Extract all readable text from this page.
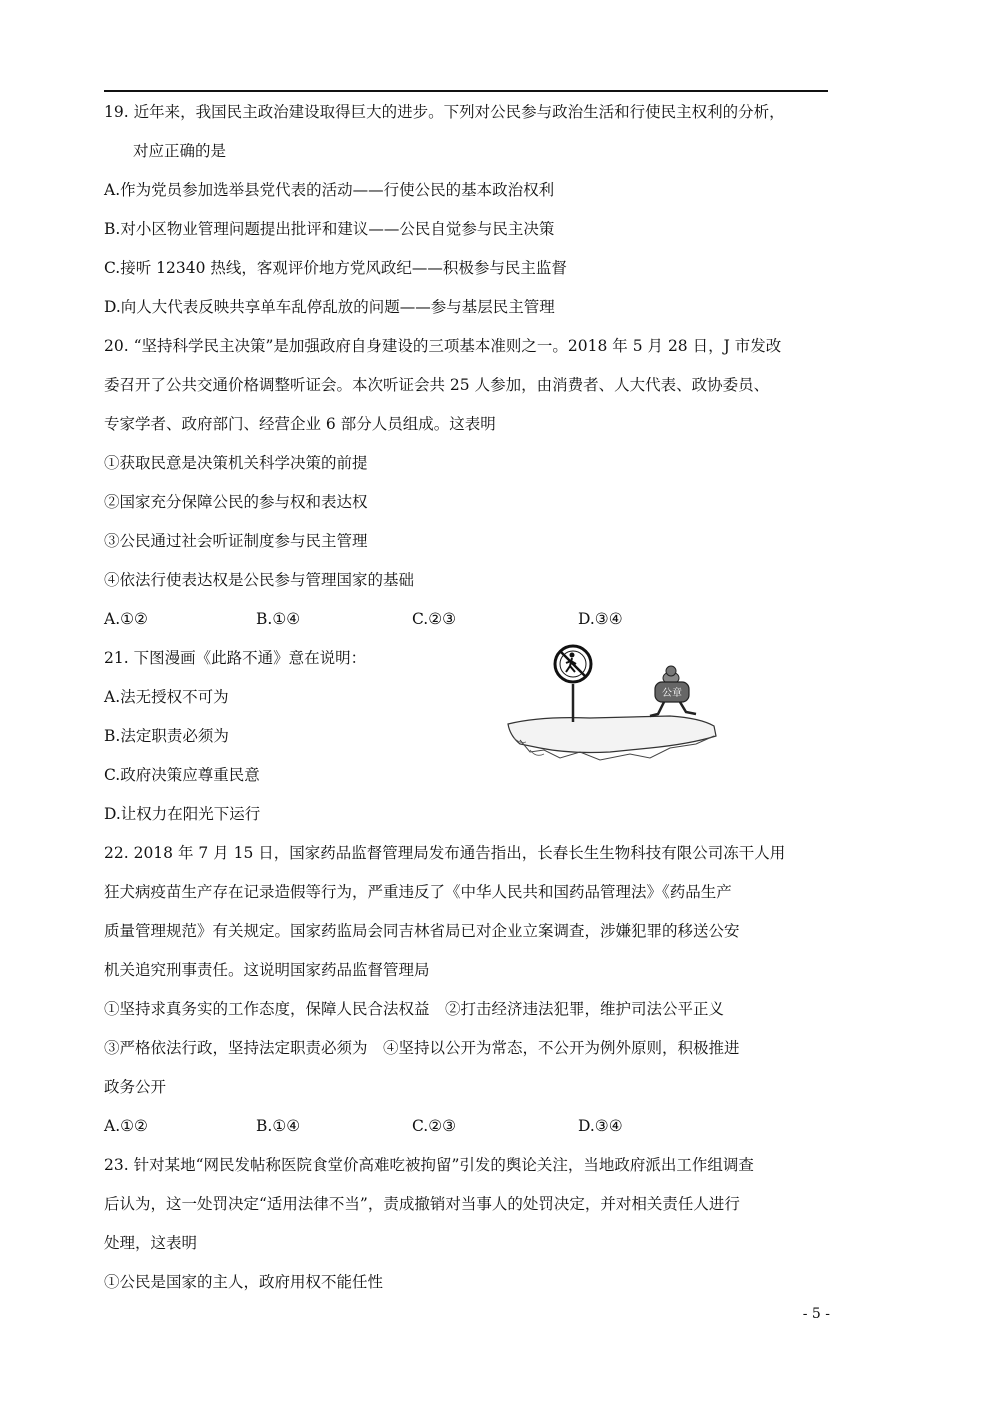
19. 近年来，我国民主政治建设取得巨大的进步。下列对公民参与政治生活和行使民主权利的分析，
对应正确的是
A.作为党员参加选举县党代表的活动——行使公民的基本政治权利
B.对小区物业管理问题提出批评和建议——公民自觉参与民主决策
C.接听 12340 热线，客观评价地方党风政纪——积极参与民主监督
D.向人大代表反映共享单车乱停乱放的问题——参与基层民主管理
20. “坚持科学民主决策”是加强政府自身建设的三项基本准则之一。2018 年 5 月 28 日，J 市发改
委召开了公共交通价格调整听证会。本次听证会共 25 人参加，由消费者、人大代表、政协委员、
专家学者、政府部门、经营企业 6 部分人员组成。这表明
①获取民意是决策机关科学决策的前提
②国家充分保障公民的参与权和表达权
③公民通过社会听证制度参与民主管理
④依法行使表达权是公民参与管理国家的基础
A.①②	B.①④	C.②③	D.③④
21. 下图漫画《此路不通》意在说明：
A.法无授权不可为
B.法定职责必须为
C.政府决策应尊重民意
D.让权力在阳光下运行
公章
22. 2018 年 7 月 15 日，国家药品监督管理局发布通告指出，长春长生生物科技有限公司冻干人用
狂犬病疫苗生产存在记录造假等行为，严重违反了《中华人民共和国药品管理法》《药品生产
质量管理规范》有关规定。国家药监局会同吉林省局已对企业立案调查，涉嫌犯罪的移送公安
机关追究刑事责任。这说明国家药品监督管理局
①坚持求真务实的工作态度，保障人民合法权益　②打击经济违法犯罪，维护司法公平正义
③严格依法行政，坚持法定职责必须为　④坚持以公开为常态，不公开为例外原则，积极推进
政务公开
A.①②	B.①④	C.②③	D.③④
23. 针对某地“网民发帖称医院食堂价高难吃被拘留”引发的舆论关注，当地政府派出工作组调查
后认为，这一处罚决定“适用法律不当”，责成撤销对当事人的处罚决定，并对相关责任人进行
处理，这表明
①公民是国家的主人，政府用权不能任性
- 5 -
